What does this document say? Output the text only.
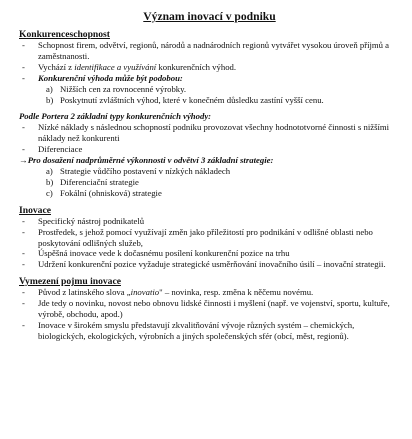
Význam inovací v podniku
Konkurenceschopnost
- Schopnost firem, odvětví, regionů, národů a nadnárodních regionů vytvářet vysokou úroveň příjmů a zaměstnanosti.
- Vychází z identifikace a využívání konkurenčních výhod.
- Konkurenční výhoda může být podobou:
a) Nižších cen za rovnocenné výrobky.
b) Poskytnutí zvláštních výhod, které v konečném důsledku zastíní vyšší cenu.
Podle Portera 2 základní typy konkurenčních výhody:
- Nízké náklady s následnou schopností podniku provozovat všechny hodnototvorné činnosti s nižšími náklady než konkurenti
- Diferenciace
→Pro dosažení nadprůměrné výkonnosti v odvětví 3 základní strategie:
a) Strategie vůdčího postavení v nízkých nákladech
b) Diferenciační strategie
c) Fokální (ohnisková) strategie
Inovace
- Specifický nástroj podnikatelů
- Prostředek, s jehož pomocí využívají změn jako příležitostí pro podnikání v odlišné oblasti nebo poskytování odlišných služeb,
- Úspěšná inovace vede k dočasnému posílení konkurenční pozice na trhu
- Udržení konkurenční pozice vyžaduje strategické usměrňování inovačního úsilí – inovační strategii.
Vymezení pojmu inovace
- Původ z latinského slova „inovatio" – novinka, resp. změna k něčemu novému.
- Jde tedy o novinku, novost nebo obnovu lidské činnosti i myšlení (např. ve vojenství, sportu, kultuře, výrobě, obchodu, apod.)
- Inovace v širokém smyslu představují zkvalitňování vývoje různých systém – chemických, biologických, ekologických, výrobních a jiných společenských sfér (obcí, měst, regionů).
